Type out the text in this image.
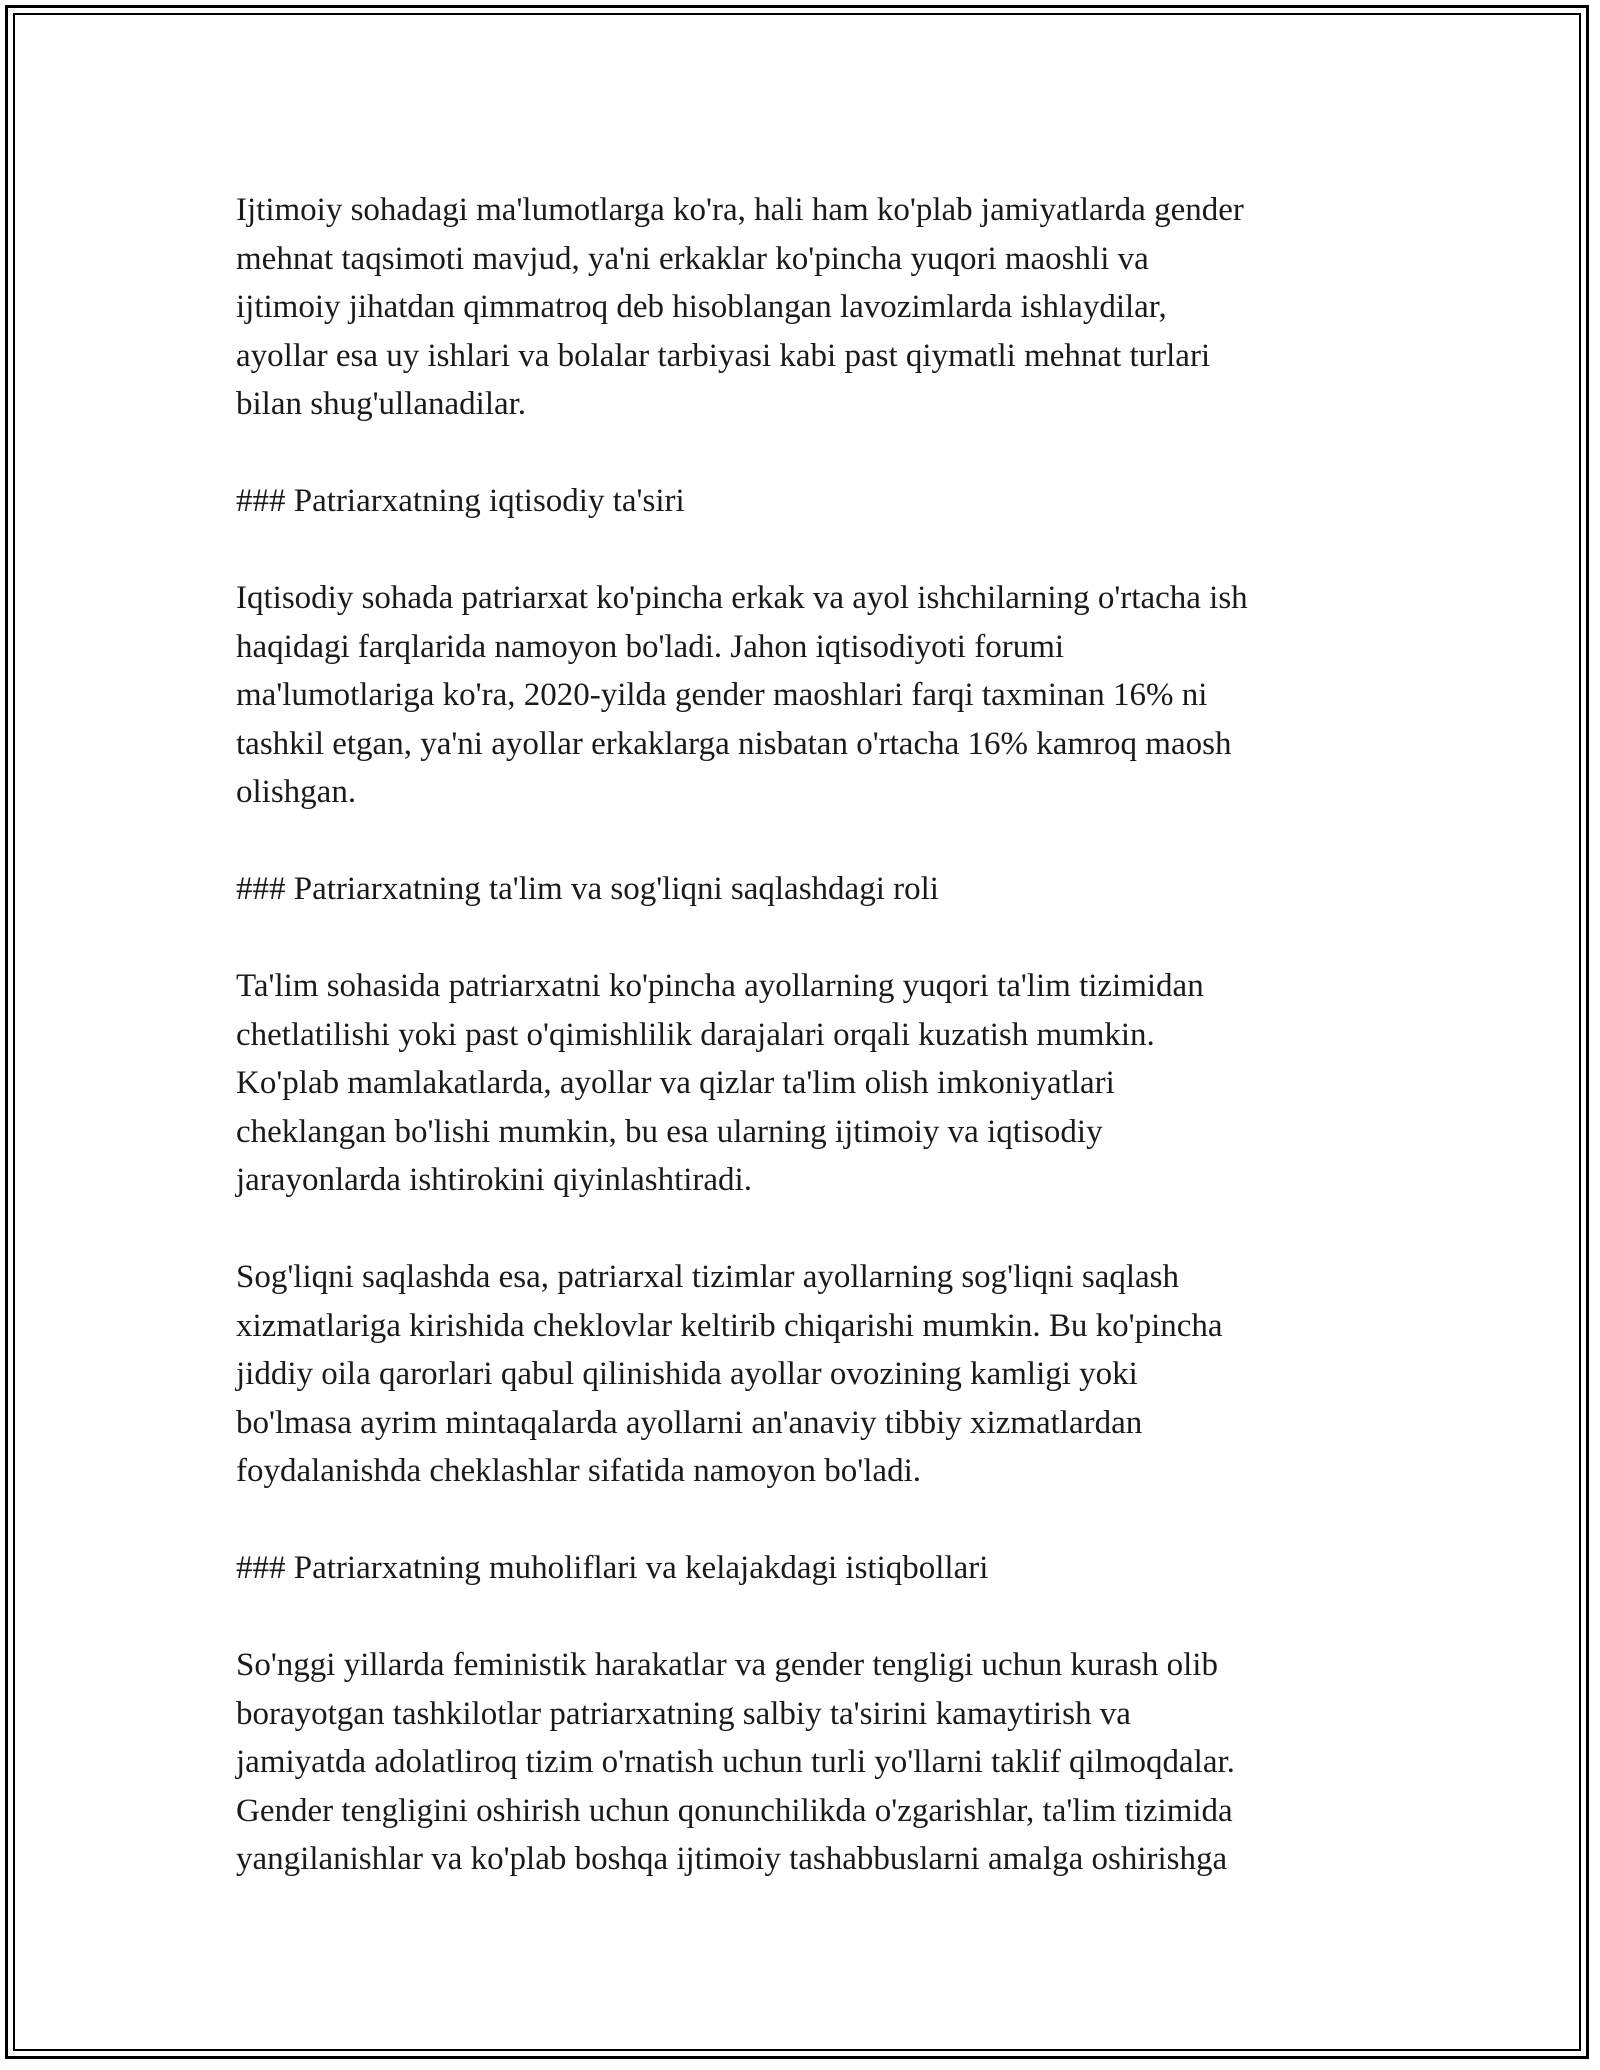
Ijtimoiy sohadagi ma'lumotlarga ko'ra, hali ham ko'plab jamiyatlarda gender
mehnat taqsimoti mavjud, ya'ni erkaklar ko'pincha yuqori maoshli va
ijtimoiy jihatdan qimmatroq deb hisoblangan lavozimlarda ishlaydilar,
ayollar esa uy ishlari va bolalar tarbiyasi kabi past qiymatli mehnat turlari
bilan shug'ullanadilar.
### Patriarxatning iqtisodiy ta'siri
Iqtisodiy sohada patriarxat ko'pincha erkak va ayol ishchilarning o'rtacha ish
haqidagi farqlarida namoyon bo'ladi. Jahon iqtisodiyoti forumi
ma'lumotlariga ko'ra, 2020-yilda gender maoshlari farqi taxminan 16% ni
tashkil etgan, ya'ni ayollar erkaklarga nisbatan o'rtacha 16% kamroq maosh
olishgan.
### Patriarxatning ta'lim va sog'liqni saqlashdagi roli
Ta'lim sohasida patriarxatni ko'pincha ayollarning yuqori ta'lim tizimidan
chetlatilishi yoki past o'qimishlilik darajalari orqali kuzatish mumkin.
Ko'plab mamlakatlarda, ayollar va qizlar ta'lim olish imkoniyatlari
cheklangan bo'lishi mumkin, bu esa ularning ijtimoiy va iqtisodiy
jarayonlarda ishtirokini qiyinlashtiradi.
Sog'liqni saqlashda esa, patriarxal tizimlar ayollarning sog'liqni saqlash
xizmatlariga kirishida cheklovlar keltirib chiqarishi mumkin. Bu ko'pincha
jiddiy oila qarorlari qabul qilinishida ayollar ovozining kamligi yoki
bo'lmasa ayrim mintaqalarda ayollarni an'anaviy tibbiy xizmatlardan
foydalanishda cheklashlar sifatida namoyon bo'ladi.
### Patriarxatning muholiflari va kelajakdagi istiqbollari
So'nggi yillarda feministik harakatlar va gender tengligi uchun kurash olib
borayotgan tashkilotlar patriarxatning salbiy ta'sirini kamaytirish va
jamiyatda adolatliroq tizim o'rnatish uchun turli yo'llarni taklif qilmoqdalar.
Gender tengligini oshirish uchun qonunchilikda o'zgarishlar, ta'lim tizimida
yangilanishlar va ko'plab boshqa ijtimoiy tashabbuslarni amalga oshirishga
